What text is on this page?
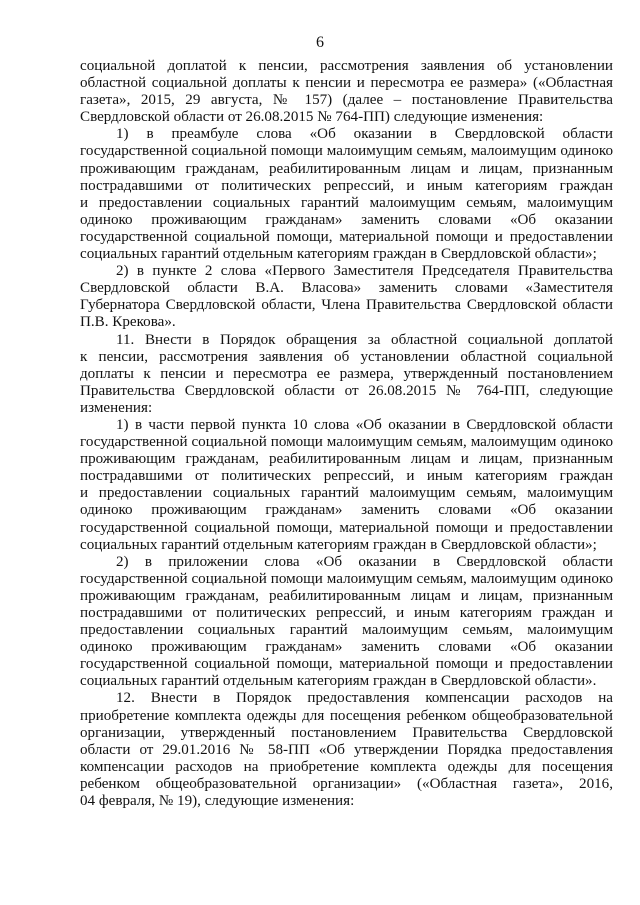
6
социальной доплатой к пенсии, рассмотрения заявления об установлении
областной социальной доплаты к пенсии и пересмотра ее размера» («Областная
газета», 2015, 29 августа, № 157) (далее – постановление Правительства
Свердловской области от 26.08.2015 № 764-ПП) следующие изменения:
1) в преамбуле слова «Об оказании в Свердловской области
государственной социальной помощи малоимущим семьям, малоимущим одиноко
проживающим гражданам, реабилитированным лицам и лицам, признанным
пострадавшими от политических репрессий, и иным категориям граждан
и предоставлении социальных гарантий малоимущим семьям, малоимущим
одиноко проживающим гражданам» заменить словами «Об оказании
государственной социальной помощи, материальной помощи и предоставлении
социальных гарантий отдельным категориям граждан в Свердловской области»;
2) в пункте 2 слова «Первого Заместителя Председателя Правительства
Свердловской области В.А. Власова» заменить словами «Заместителя
Губернатора Свердловской области, Члена Правительства Свердловской области
П.В. Крекова».
11. Внести в Порядок обращения за областной социальной доплатой
к пенсии, рассмотрения заявления об установлении областной социальной
доплаты к пенсии и пересмотра ее размера, утвержденный постановлением
Правительства Свердловской области от 26.08.2015 № 764-ПП, следующие
изменения:
1) в части первой пункта 10 слова «Об оказании в Свердловской области
государственной социальной помощи малоимущим семьям, малоимущим одиноко
проживающим гражданам, реабилитированным лицам и лицам, признанным
пострадавшими от политических репрессий, и иным категориям граждан
и предоставлении социальных гарантий малоимущим семьям, малоимущим
одиноко проживающим гражданам» заменить словами «Об оказании
государственной социальной помощи, материальной помощи и предоставлении
социальных гарантий отдельным категориям граждан в Свердловской области»;
2) в приложении слова «Об оказании в Свердловской области
государственной социальной помощи малоимущим семьям, малоимущим одиноко
проживающим гражданам, реабилитированным лицам и лицам, признанным
пострадавшими от политических репрессий, и иным категориям граждан и
предоставлении социальных гарантий малоимущим семьям, малоимущим
одиноко проживающим гражданам» заменить словами «Об оказании
государственной социальной помощи, материальной помощи и предоставлении
социальных гарантий отдельным категориям граждан в Свердловской области».
12. Внести в Порядок предоставления компенсации расходов на
приобретение комплекта одежды для посещения ребенком общеобразовательной
организации, утвержденный постановлением Правительства Свердловской
области от 29.01.2016 № 58-ПП «Об утверждении Порядка предоставления
компенсации расходов на приобретение комплекта одежды для посещения
ребенком общеобразовательной организации» («Областная газета», 2016,
04 февраля, № 19), следующие изменения:
